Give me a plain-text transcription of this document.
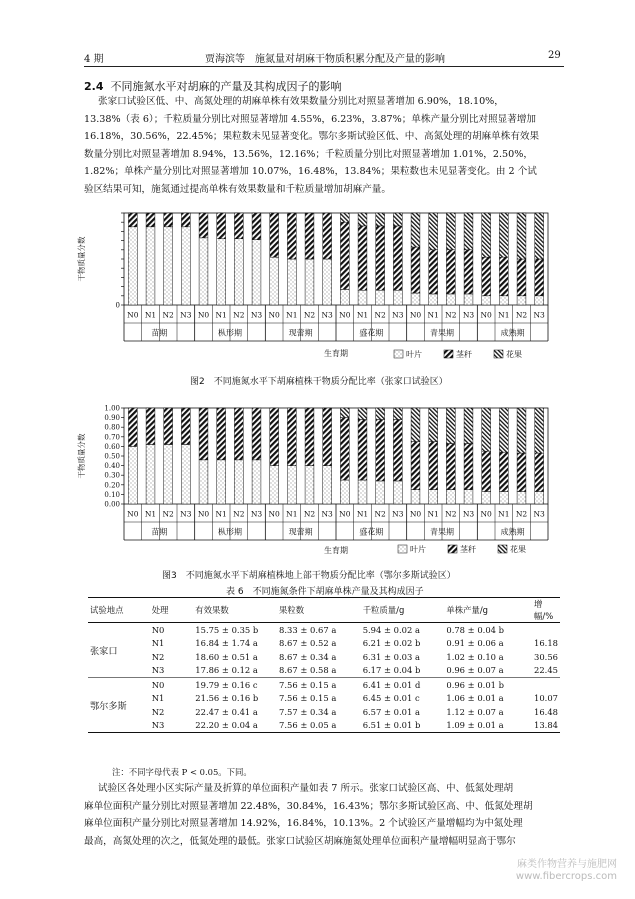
4 期	贾海滨等　施氮量对胡麻干物质积累分配及产量的影响	29
2.4 不同施氮水平对胡麻的产量及其构成因子的影响
张家口试验区低、中、高氮处理的胡麻单株有效果数量分别比对照显著增加 6.90%，18.10%，
13.38%（表 6）；千粒质量分别比对照显著增加 4.55%，6.23%，3.87%；单株产量分别比对照显著增加
16.18%，30.56%，22.45%；果粒数未见显著变化。鄂尔多斯试验区低、中、高氮处理的胡麻单株有效果
数量分别比对照显著增加 8.94%，13.56%，12.16%；千粒质量分别比对照显著增加 1.01%，2.50%，
1.82%；单株产量分别比对照显著增加 10.07%，16.48%，13.84%；果粒数也未见显著变化。由 2 个试
验区结果可知，施氮通过提高单株有效果数量和千粒质量增加胡麻产量。
0
干物质量分数
N0 N1 N2 N3 N0 N1 N2 N3 N0 N1 N2 N3 N0 N1 N2 N3 N0 N1 N2 N3 N0 N1 N2 N3
苗期	枞形期	现蕾期	盛花期	青果期	成熟期
生育期	叶片	茎秆	花果
图2　不同施氮水平下胡麻植株干物质分配比率（张家口试验区）
0.00
0.10
0.20
0.30
0.40
0.50
0.60
0.70
0.80
0.90
1.00
干物质量分数
N0 N1 N2 N3 N0 N1 N2 N3 N0 N1 N2 N3 N0 N1 N2 N3 N0 N1 N2 N3 N0 N1 N2 N3
苗期	枞形期	现蕾期	盛花期	青果期	成熟期
生育期	叶片	茎秆	花果
图3　不同施氮水平下胡麻植株地上部干物质分配比率（鄂尔多斯试验区）
表 6　不同施氮条件下胡麻单株产量及其构成因子
试验地点	处理	有效果数	果粒数	千粒质量/g	单株产量/g	增幅/%
张家口	N0	15.75 ± 0.35 b	8.33 ± 0.67 a	5.94 ± 0.02 a	0.78 ± 0.04 b	
	N1	16.84 ± 1.74 a	8.67 ± 0.52 a	6.21 ± 0.02 b	0.91 ± 0.06 a	16.18
	N2	18.60 ± 0.51 a	8.67 ± 0.34 a	6.31 ± 0.03 a	1.02 ± 0.10 a	30.56
	N3	17.86 ± 0.12 a	8.67 ± 0.58 a	6.17 ± 0.04 b	0.96 ± 0.07 a	22.45
鄂尔多斯	N0	19.79 ± 0.16 c	7.56 ± 0.15 a	6.41 ± 0.01 d	0.96 ± 0.01 b	
	N1	21.56 ± 0.16 b	7.56 ± 0.15 a	6.45 ± 0.01 c	1.06 ± 0.01 a	10.07
	N2	22.47 ± 0.41 a	7.57 ± 0.34 a	6.57 ± 0.01 a	1.12 ± 0.07 a	16.48
	N3	22.20 ± 0.04 a	7.56 ± 0.05 a	6.51 ± 0.01 b	1.09 ± 0.01 a	13.84
注：不同字母代表 P < 0.05。下同。
试验区各处理小区实际产量及折算的单位面积产量如表 7 所示。张家口试验区高、中、低氮处理胡
麻单位面积产量分别比对照显著增加 22.48%，30.84%，16.43%；鄂尔多斯试验区高、中、低氮处理胡
麻单位面积产量分别比对照显著增加 14.92%，16.84%，10.13%。2 个试验区产量增幅均为中氮处理
最高，高氮处理的次之，低氮处理的最低。张家口试验区胡麻施氮处理单位面积产量增幅明显高于鄂尔
麻类作物营养与施肥网
www.fibercrops.com
